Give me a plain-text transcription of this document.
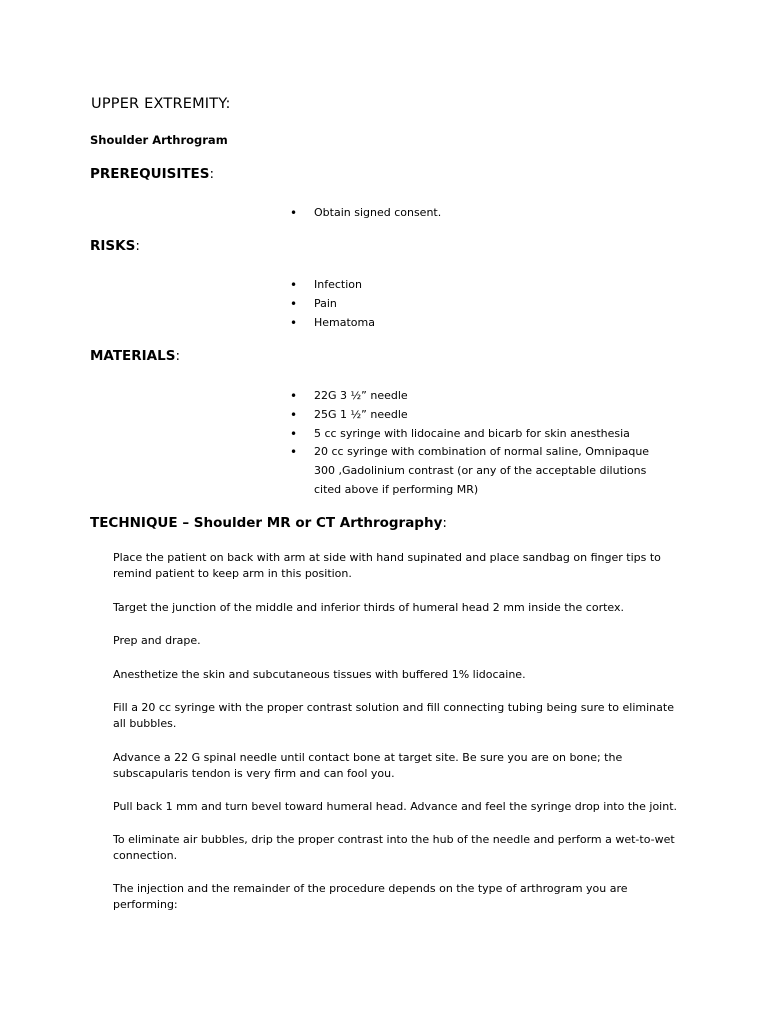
UPPER EXTREMITY:
Shoulder Arthrogram
PREREQUISITES:
• Obtain signed consent.
RISKS:
• Infection
• Pain
• Hematoma
MATERIALS:
• 22G 3 ½” needle
• 25G 1 ½” needle
• 5 cc syringe with lidocaine and bicarb for skin anesthesia
• 20 cc syringe with combination of normal saline, Omnipaque 300 ,Gadolinium contrast (or any of the acceptable dilutions cited above if performing MR)
TECHNIQUE – Shoulder MR or CT Arthrography:
Place the patient on back with arm at side with hand supinated and place sandbag on finger tips to remind patient to keep arm in this position.
Target the junction of the middle and inferior thirds of humeral head 2 mm inside the cortex.
Prep and drape.
Anesthetize the skin and subcutaneous tissues with buffered 1% lidocaine.
Fill a 20 cc syringe with the proper contrast solution and fill connecting tubing being sure to eliminate all bubbles.
Advance a 22 G spinal needle until contact bone at target site. Be sure you are on bone; the subscapularis tendon is very firm and can fool you.
Pull back 1 mm and turn bevel toward humeral head. Advance and feel the syringe drop into the joint.
To eliminate air bubbles, drip the proper contrast into the hub of the needle and perform a wet-to-wet connection.
The injection and the remainder of the procedure depends on the type of arthrogram you are performing:
